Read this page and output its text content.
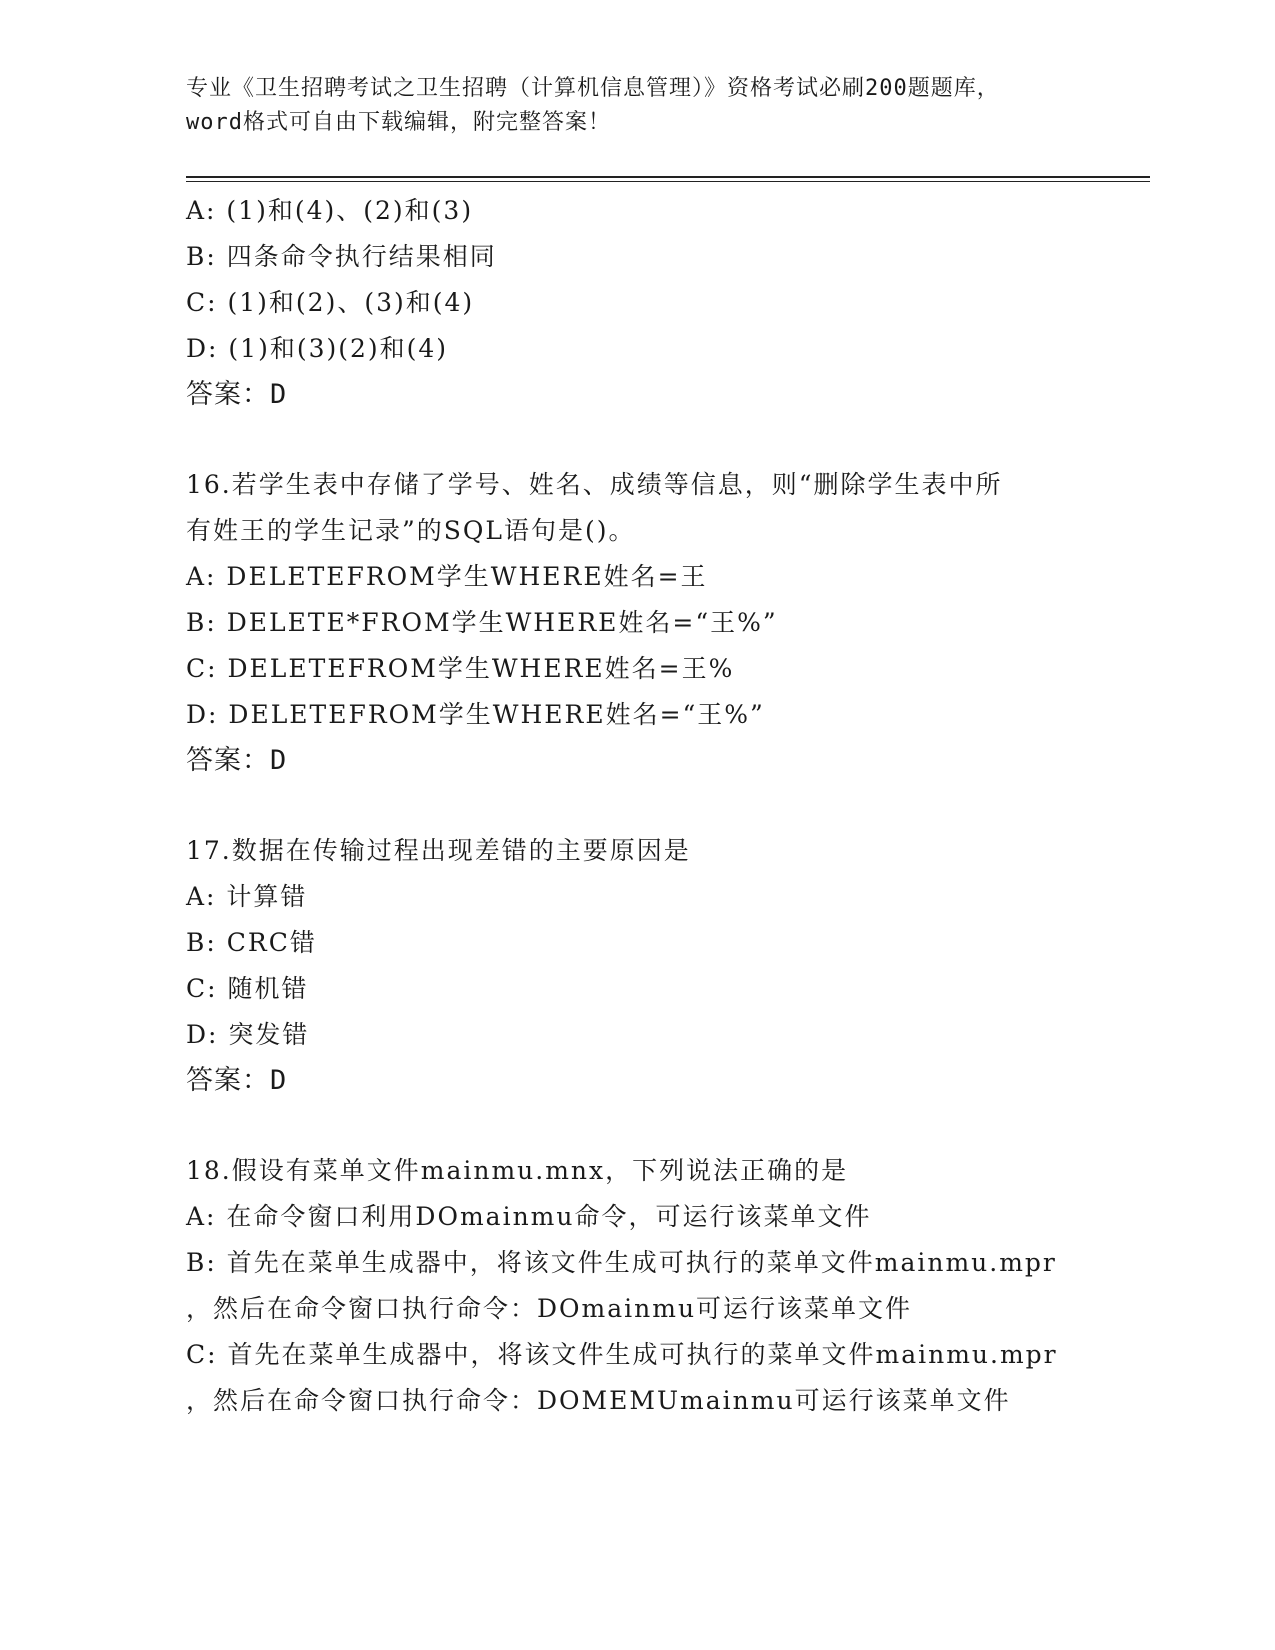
专业《卫生招聘考试之卫生招聘（计算机信息管理）》资格考试必刷200题题库，
word格式可自由下载编辑，附完整答案！
A: (1)和(4)、(2)和(3)
B: 四条命令执行结果相同
C: (1)和(2)、(3)和(4)
D: (1)和(3)(2)和(4)
答案：D
16.若学生表中存储了学号、姓名、成绩等信息，则“删除学生表中所
有姓王的学生记录”的SQL语句是()。
A: DELETEFROM学生WHERE姓名=王
B: DELETE*FROM学生WHERE姓名=“王%”
C: DELETEFROM学生WHERE姓名=王%
D: DELETEFROM学生WHERE姓名=“王%”
答案：D
17.数据在传输过程出现差错的主要原因是
A: 计算错
B: CRC错
C: 随机错
D: 突发错
答案：D
18.假设有菜单文件mainmu.mnx，下列说法正确的是
A: 在命令窗口利用DOmainmu命令，可运行该菜单文件
B: 首先在菜单生成器中，将该文件生成可执行的菜单文件mainmu.mpr
，然后在命令窗口执行命令：DOmainmu可运行该菜单文件
C: 首先在菜单生成器中，将该文件生成可执行的菜单文件mainmu.mpr
，然后在命令窗口执行命令：DOMEMUmainmu可运行该菜单文件
